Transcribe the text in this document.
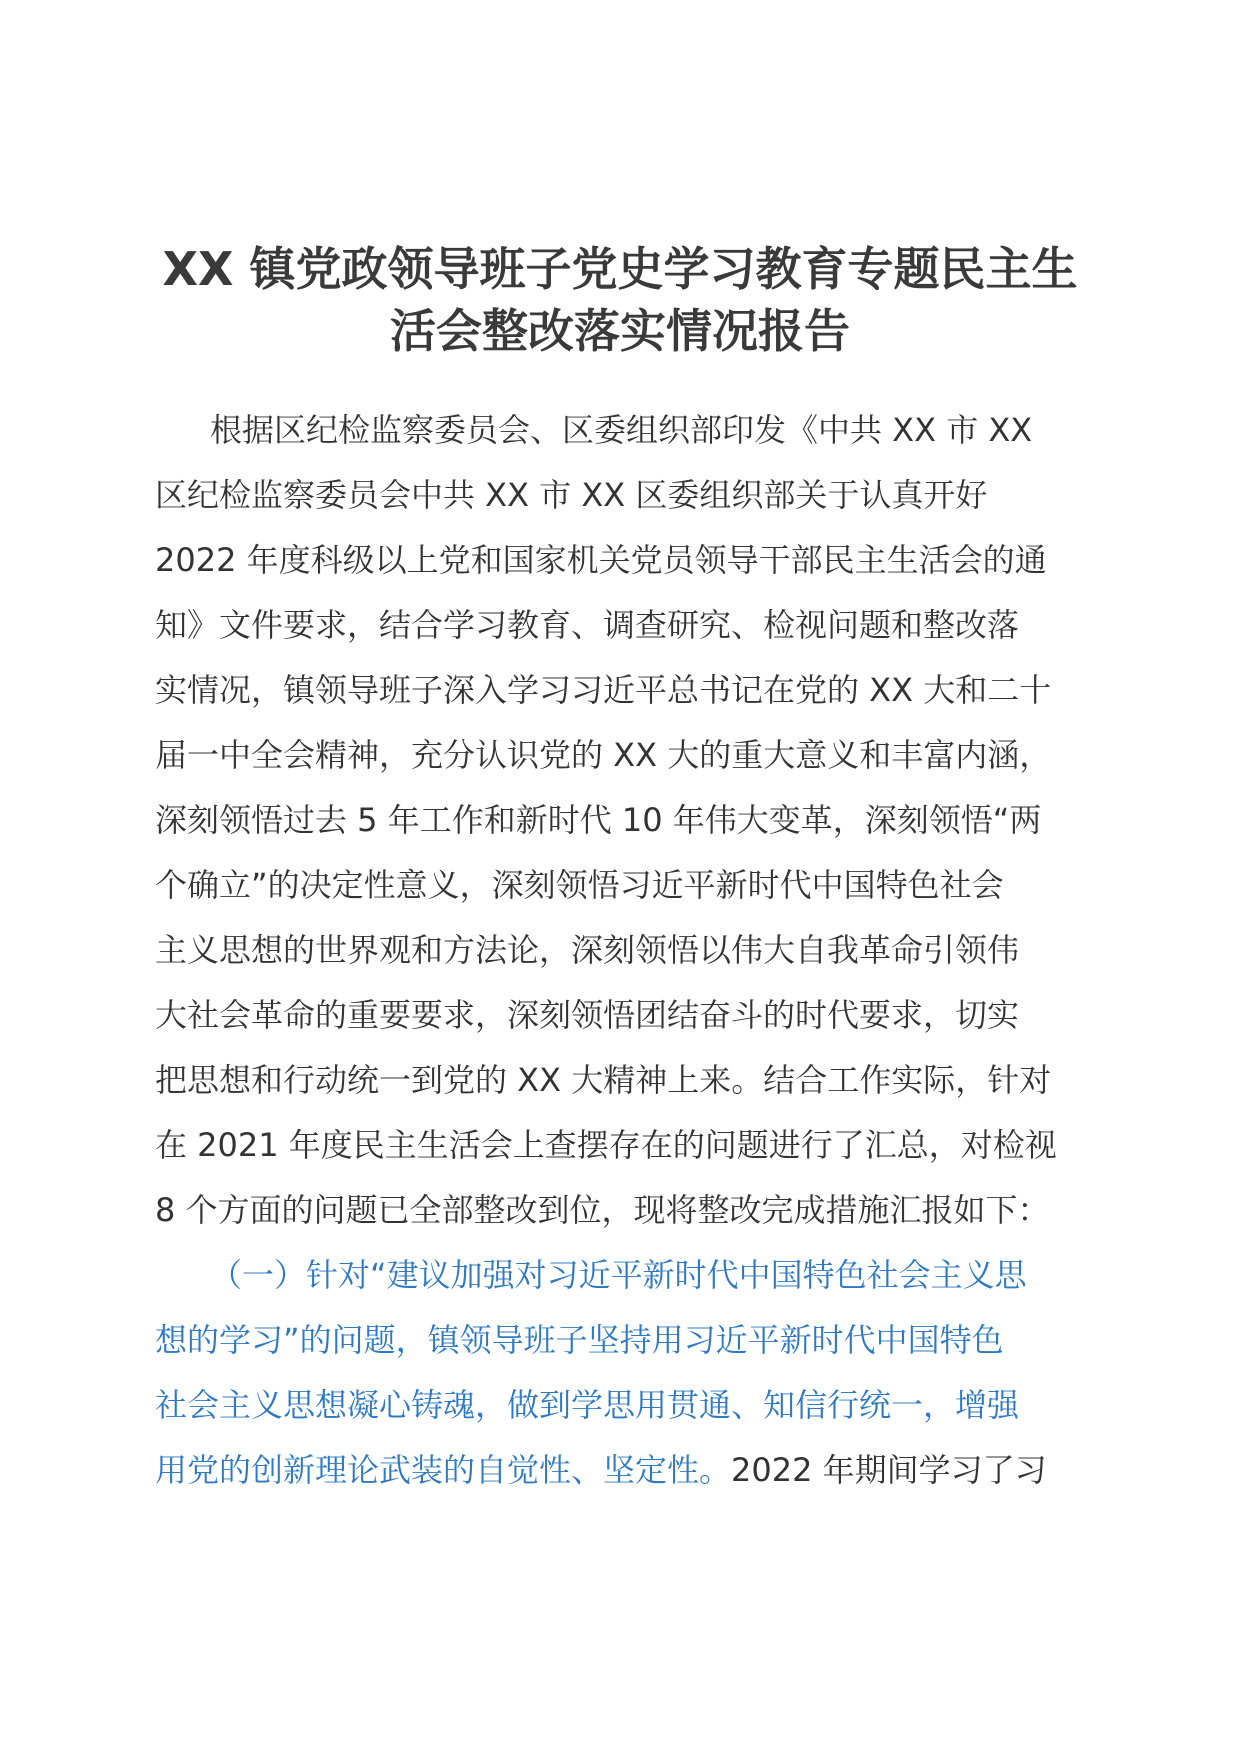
XX 镇党政领导班子党史学习教育专题民主生
活会整改落实情况报告
根据区纪检监察委员会、区委组织部印发《中共 XX 市 XX
区纪检监察委员会中共 XX 市 XX 区委组织部关于认真开好
2022 年度科级以上党和国家机关党员领导干部民主生活会的通
知》文件要求，结合学习教育、调查研究、检视问题和整改落
实情况，镇领导班子深入学习习近平总书记在党的 XX 大和二十
届一中全会精神，充分认识党的 XX 大的重大意义和丰富内涵，
深刻领悟过去 5 年工作和新时代 10 年伟大变革，深刻领悟“两
个确立”的决定性意义，深刻领悟习近平新时代中国特色社会
主义思想的世界观和方法论，深刻领悟以伟大自我革命引领伟
大社会革命的重要要求，深刻领悟团结奋斗的时代要求，切实
把思想和行动统一到党的 XX 大精神上来。结合工作实际，针对
在 2021 年度民主生活会上查摆存在的问题进行了汇总，对检视
8 个方面的问题已全部整改到位，现将整改完成措施汇报如下：
（一）针对“建议加强对习近平新时代中国特色社会主义思
想的学习”的问题，镇领导班子坚持用习近平新时代中国特色
社会主义思想凝心铸魂，做到学思用贯通、知信行统一，增强
用党的创新理论武装的自觉性、坚定性。2022 年期间学习了习
